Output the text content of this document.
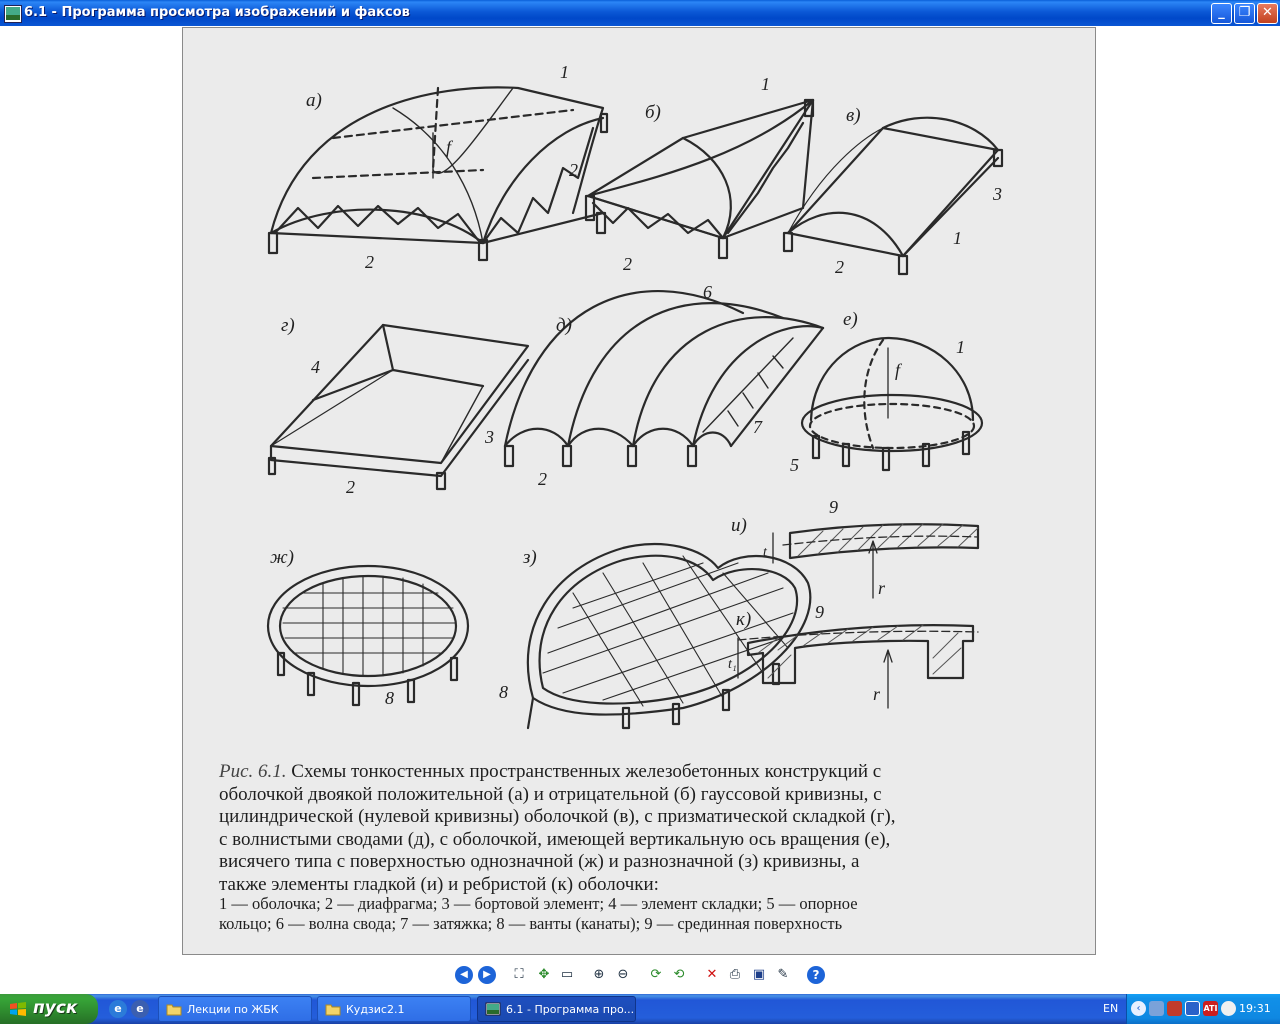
6.1 - Программа просмотра изображений и факсов	_	❐ ✕
а)
б)	в)
г)	д)	е)
ж)	з)
и)
к)
1
2
2
f
1
2
3
1
2
4
3
2
6
7
2
1
f
5
8	8
9
9
t
t₁
r
r
Рис. 6.1. Схемы тонкостенных пространственных железобетонных конструкций с
оболочкой двоякой положительной (а) и отрицательной (б) гауссовой кривизны, с
цилиндрической (нулевой кривизны) оболочкой (в), с призматической складкой (г),
с волнистыми сводами (д), с оболочкой, имеющей вертикальную ось вращения (е),
висячего типа с поверхностью однозначной (ж) и разнозначной (з) кривизны, а
также элементы гладкой (и) и ребристой (к) оболочки:
1 — оболочка; 2 — диафрагма; 3 — бортовой элемент; 4 — элемент складки; 5 — опорное
кольцо; 6 — волна свода; 7 — затяжка; 8 — ванты (канаты); 9 — срединная поверхность
◀	▶	⛶	✥ ▭ ⊕ ⊖ ⟳ ⟲ ✕ ⎙ ▣ ✎	?
пуск	e	e	Лекции по ЖБК	Кудзис2.1	6.1 - Программа про...	EN	‹	ATI 19:31
